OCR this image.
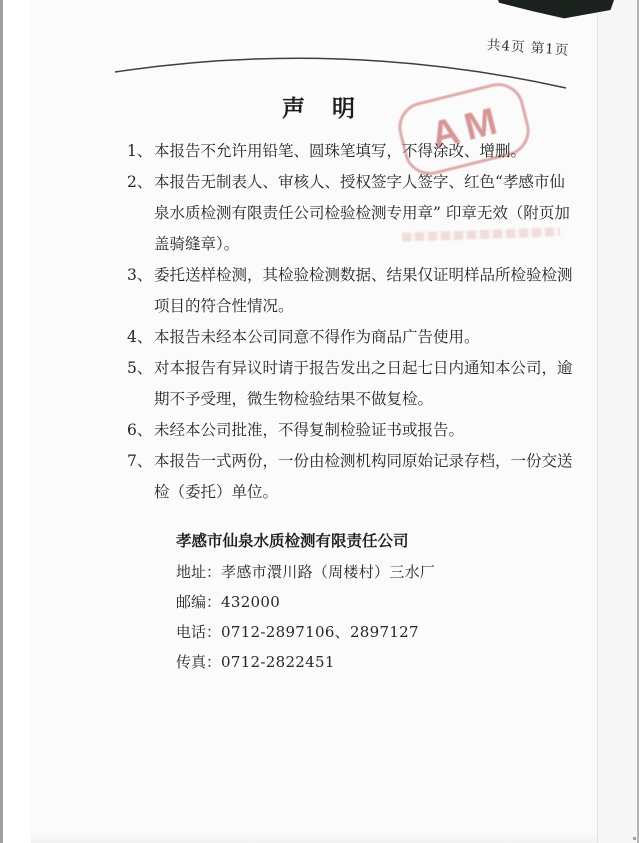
共4页 第1页
AM
声　明
1、 本报告不允许用铅笔、圆珠笔填写，不得涂改、增删。
2、 本报告无制表人、审核人、授权签字人签字、红色“孝感市仙泉水质检测有限责任公司检验检测专用章” 印章无效（附页加盖骑缝章）。
3、 委托送样检测，其检验检测数据、结果仅证明样品所检验检测项目的符合性情况。
4、 本报告未经本公司同意不得作为商品广告使用。
5、 对本报告有异议时请于报告发出之日起七日内通知本公司，逾期不予受理，微生物检验结果不做复检。
6、 未经本公司批准，不得复制检验证书或报告。
7、 本报告一式两份，一份由检测机构同原始记录存档，一份交送检（委托）单位。
孝感市仙泉水质检测有限责任公司
地址：孝感市澴川路（周楼村）三水厂
邮编：432000
电话：0712-2897106、2897127
传真：0712-2822451
